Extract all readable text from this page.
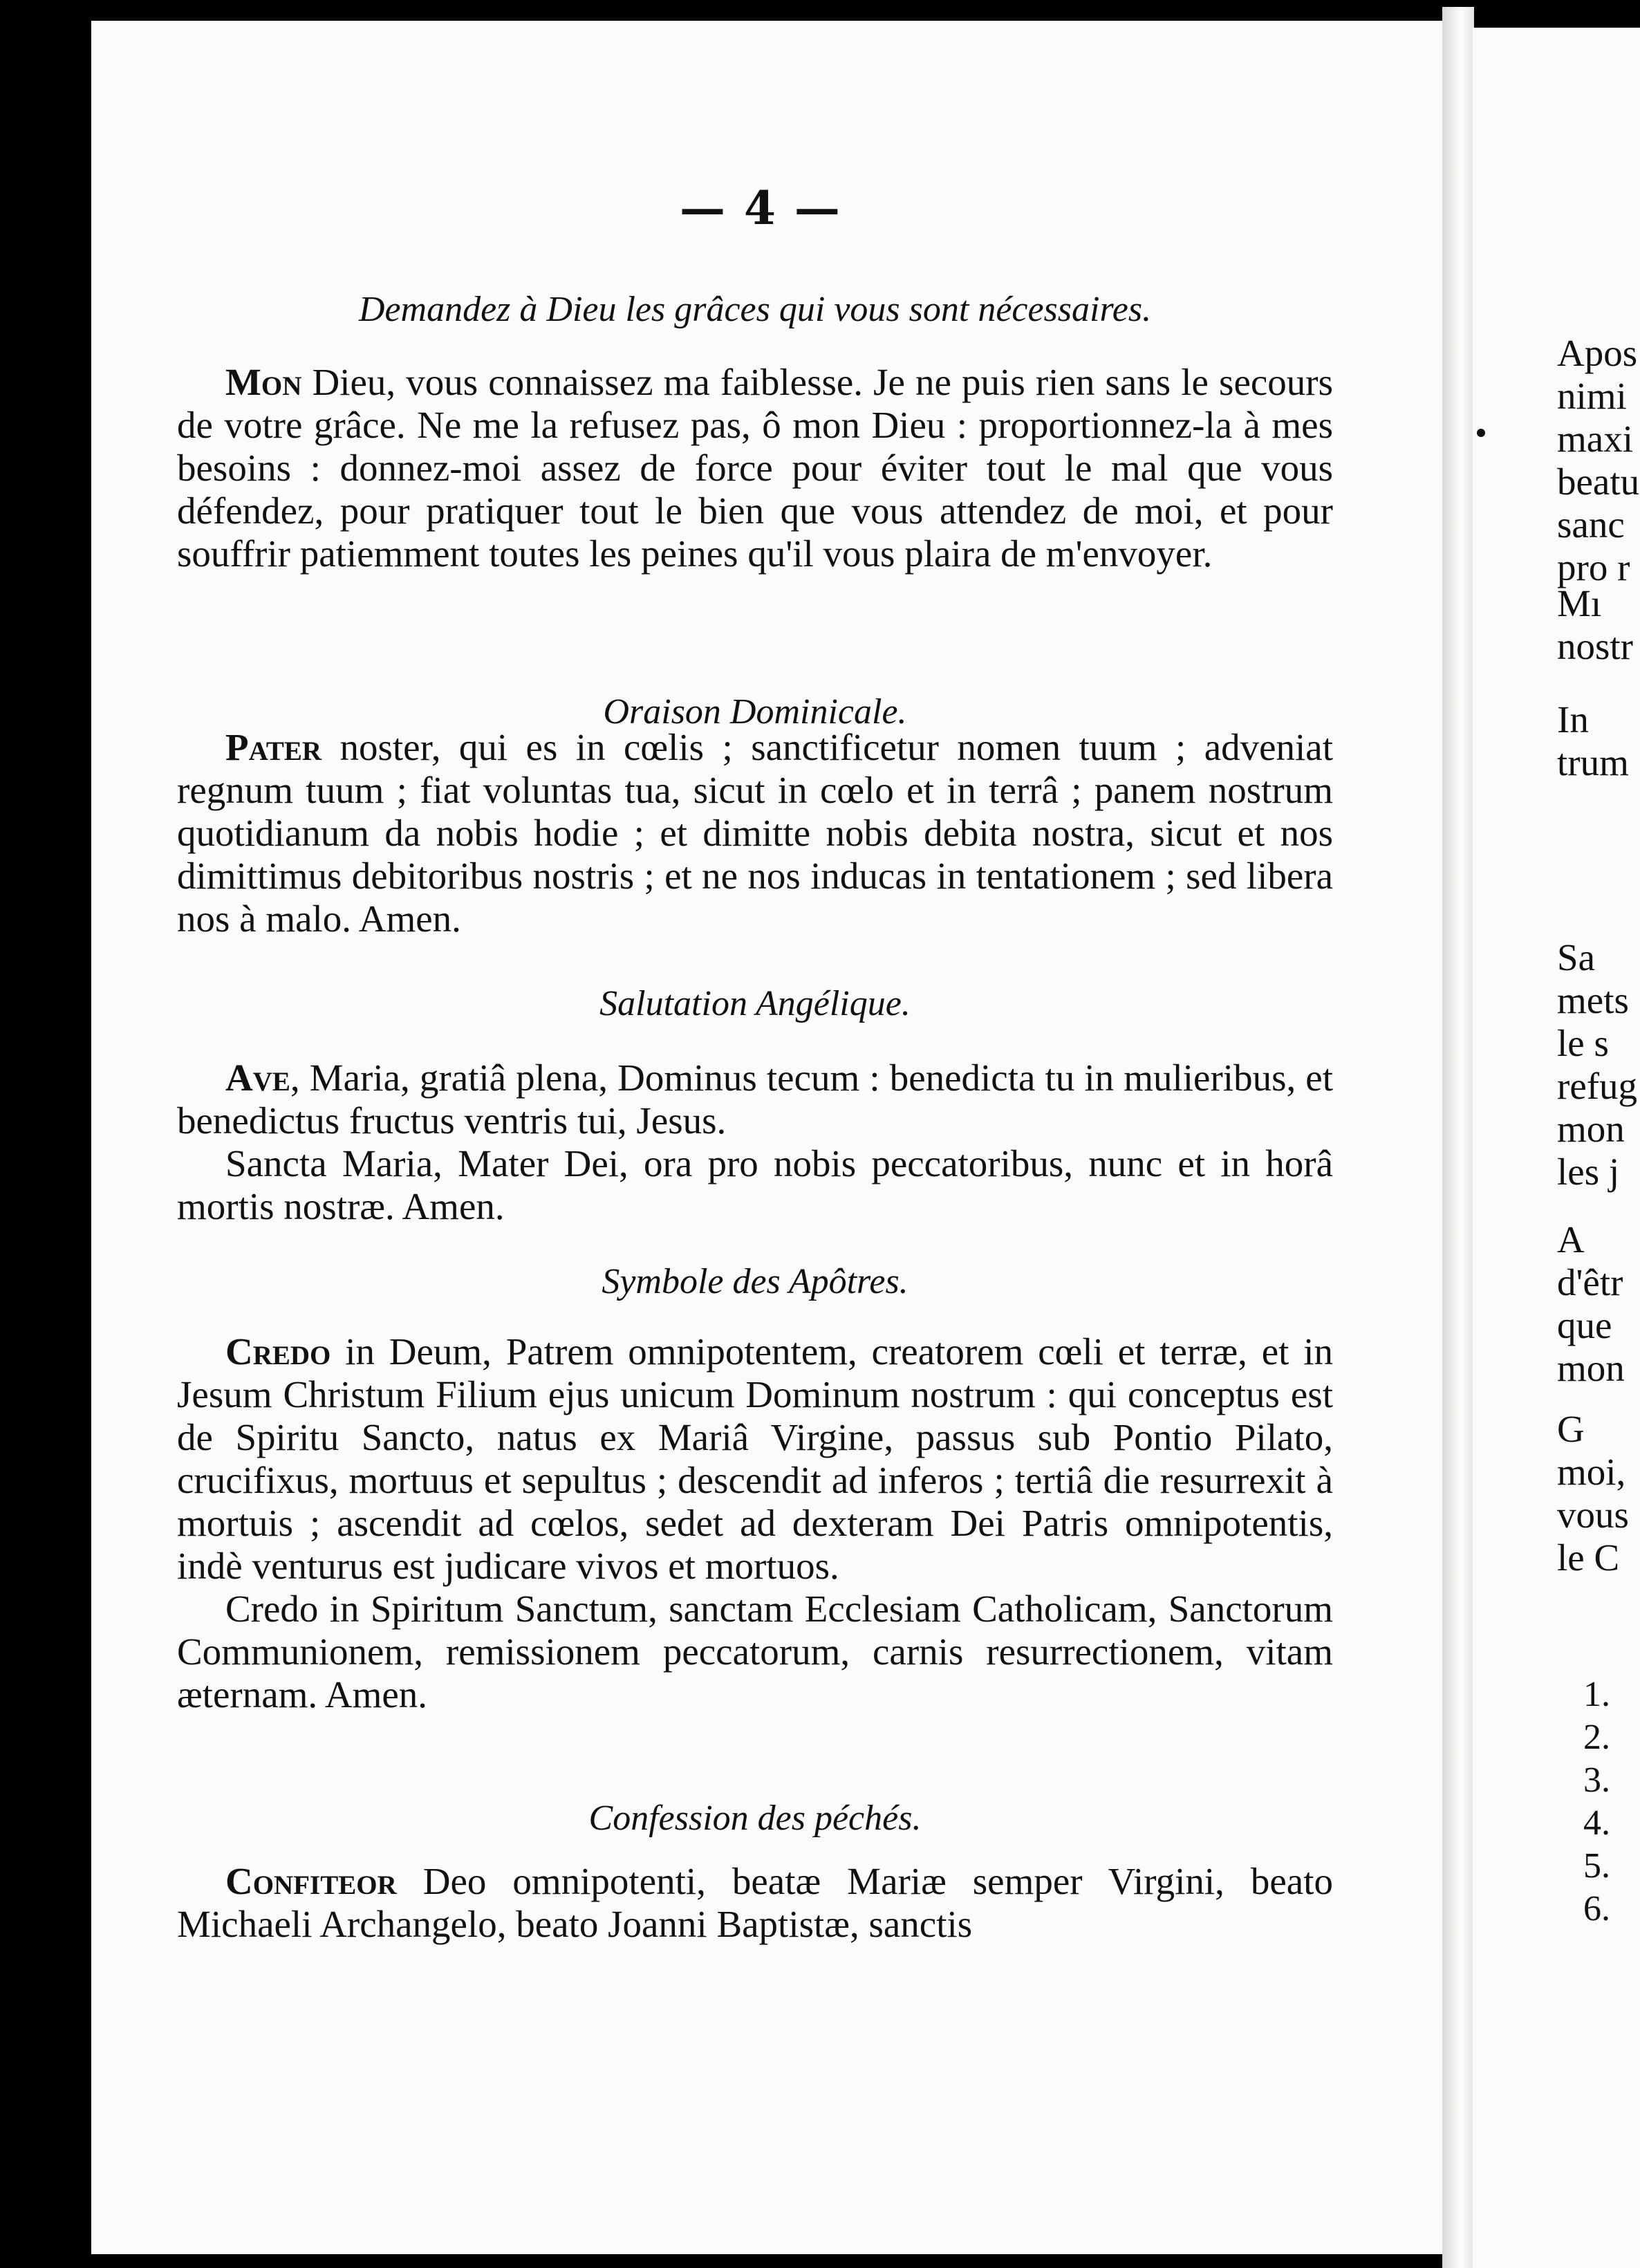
— 4 —
Demandez à Dieu les grâces qui vous sont nécessaires.

Mon Dieu, vous connaissez ma faiblesse. Je ne puis rien sans le secours de votre grâce. Ne me la refusez pas, ô mon Dieu : proportionnez-la à mes besoins : donnez-moi assez de force pour éviter tout le mal que vous défendez, pour pratiquer tout le bien que vous attendez de moi, et pour souffrir patiemment toutes les peines qu'il vous plaira de m'envoyer.

Oraison Dominicale.

Pater noster, qui es in cœlis ; sanctificetur nomen tuum ; adveniat regnum tuum ; fiat voluntas tua, sicut in cœlo et in terrâ ; panem nostrum quotidianum da nobis hodie ; et dimitte nobis debita nostra, sicut et nos dimittimus debitoribus nostris ; et ne nos inducas in tentationem ; sed libera nos à malo. Amen.

Salutation Angélique.

Ave, Maria, gratiâ plena, Dominus tecum : benedicta tu in mulieribus, et benedictus fructus ventris tui, Jesus.

Sancta Maria, Mater Dei, ora pro nobis peccatoribus, nunc et in horâ mortis nostræ. Amen.

Symbole des Apôtres.

Credo in Deum, Patrem omnipotentem, creatorem cœli et terræ, et in Jesum Christum Filium ejus unicum Dominum nostrum : qui conceptus est de Spiritu Sancto, natus ex Mariâ Virgine, passus sub Pontio Pilato, crucifixus, mortuus et sepultus ; descendit ad inferos ; tertiâ die resurrexit à mortuis ; ascendit ad cœlos, sedet ad dexteram Dei Patris omnipotentis, indè venturus est judicare vivos et mortuos.

Credo in Spiritum Sanctum, sanctam Ecclesiam Catholicam, Sanctorum Communionem, remissionem peccatorum, carnis resurrectionem, vitam æternam. Amen.

Confession des péchés.

Confiteor Deo omnipotenti, beatæ Mariæ semper Virgini, beato Michaeli Archangelo, beato Joanni Baptistæ, sanctis

Apos
nimi
maxi
beatu
sanc
pro r
Mı
nostr
In
trum
Sa
mets
le s
refug
mon
les j
A
d'êtr
que
mon
G
moi,
vous
le C
1.
2.
3.
4.
5.
6.
